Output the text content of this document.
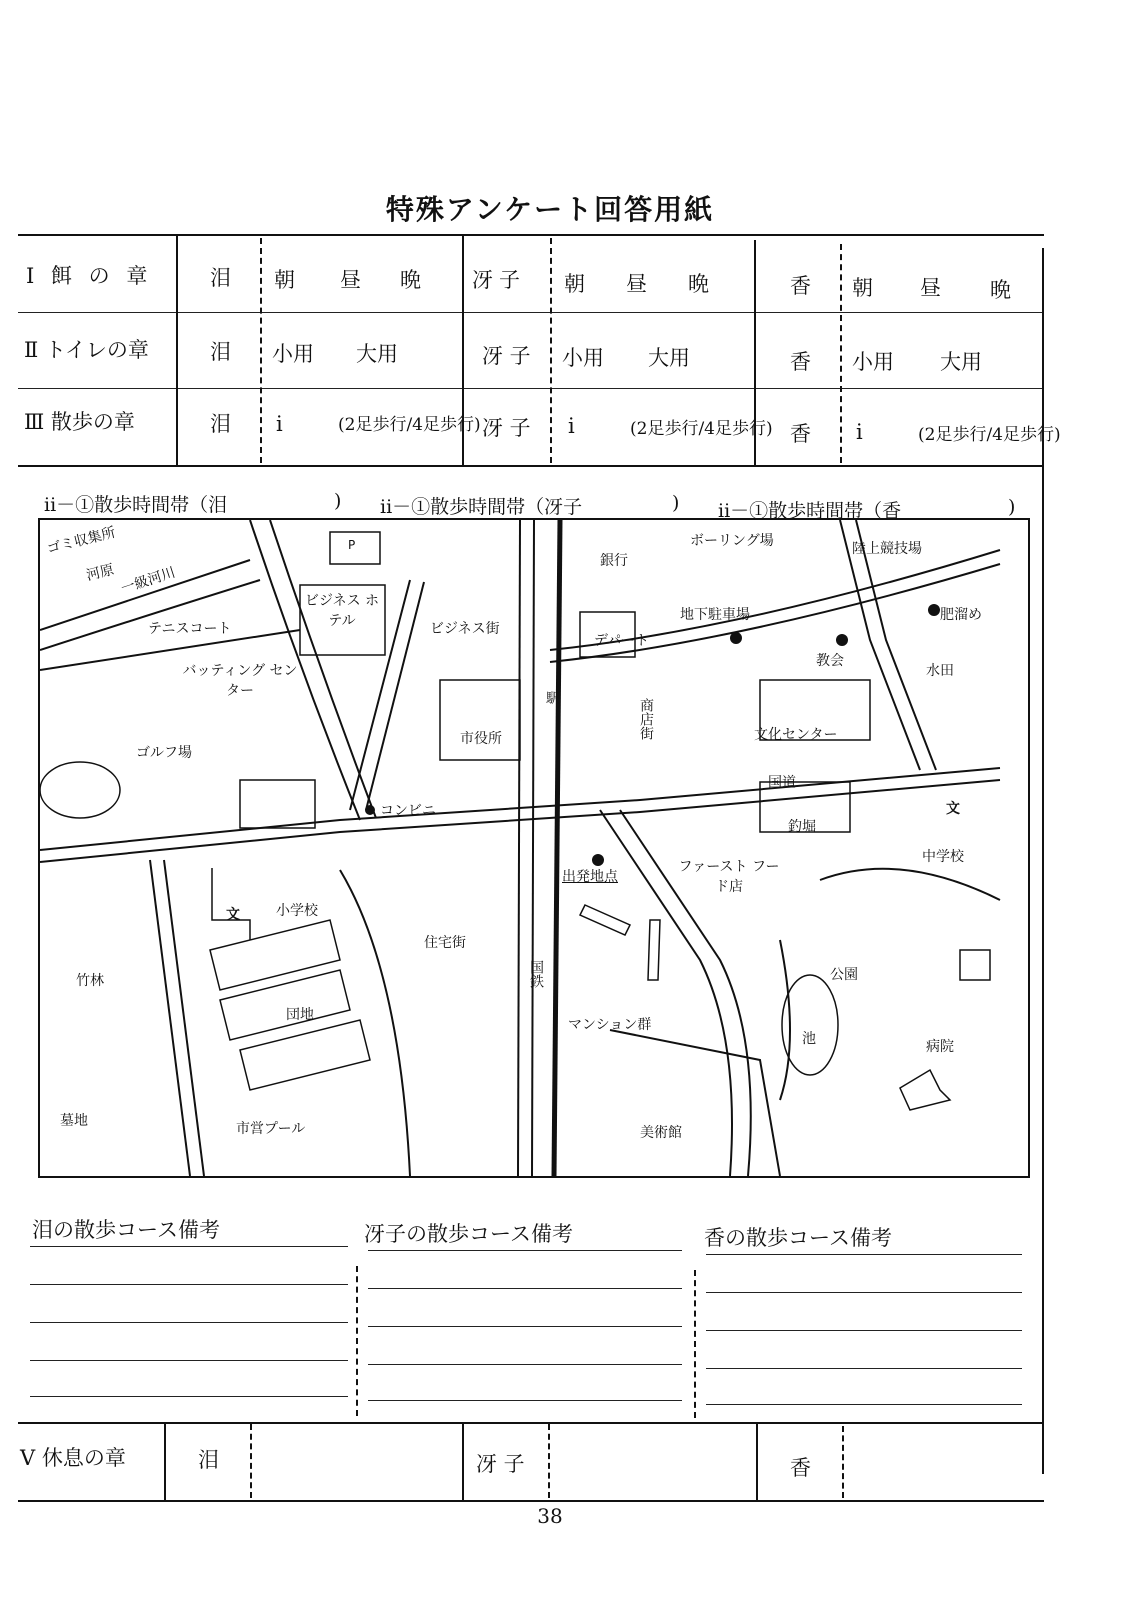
特殊アンケート回答用紙
Ⅰ 餌 の 章	泪 朝 昼 晩 冴子 朝 昼 晩	香 朝 昼 晩
Ⅱ トイレの章	泪 小用 大用	冴 子 小用 大用	香 小用 大用
Ⅲ 散歩の章	泪 i	(2足歩行/4足歩行) 冴 子 i	(2足歩行/4足歩行) 香 i	(2足歩行/4足歩行)
ii－①散歩時間帯（泪	) ii－①散歩時間帯（冴子	) ii－①散歩時間帯（香	)
ゴミ収集所
河原 一級河川
テニスコート
バッティング センター
ゴルフ場
ビジネス ホテル	ビジネス街
銀行
ボーリング場	陸上競技場
デパート
地下駐車場	肥溜め
教会
水田
駅
市役所	商店街	文化センター
国道
コンビニ
釣堀
ファースト フード店
出発地点
中学校
小学校
住宅街
国鉄
マンション群
公園
池	病院
竹林
団地
墓地	市営プール	美術館
P
文
文
泪の散歩コース備考	冴子の散歩コース備考	香の散歩コース備考
Ⅴ 休息の章	泪	冴 子	香
38
